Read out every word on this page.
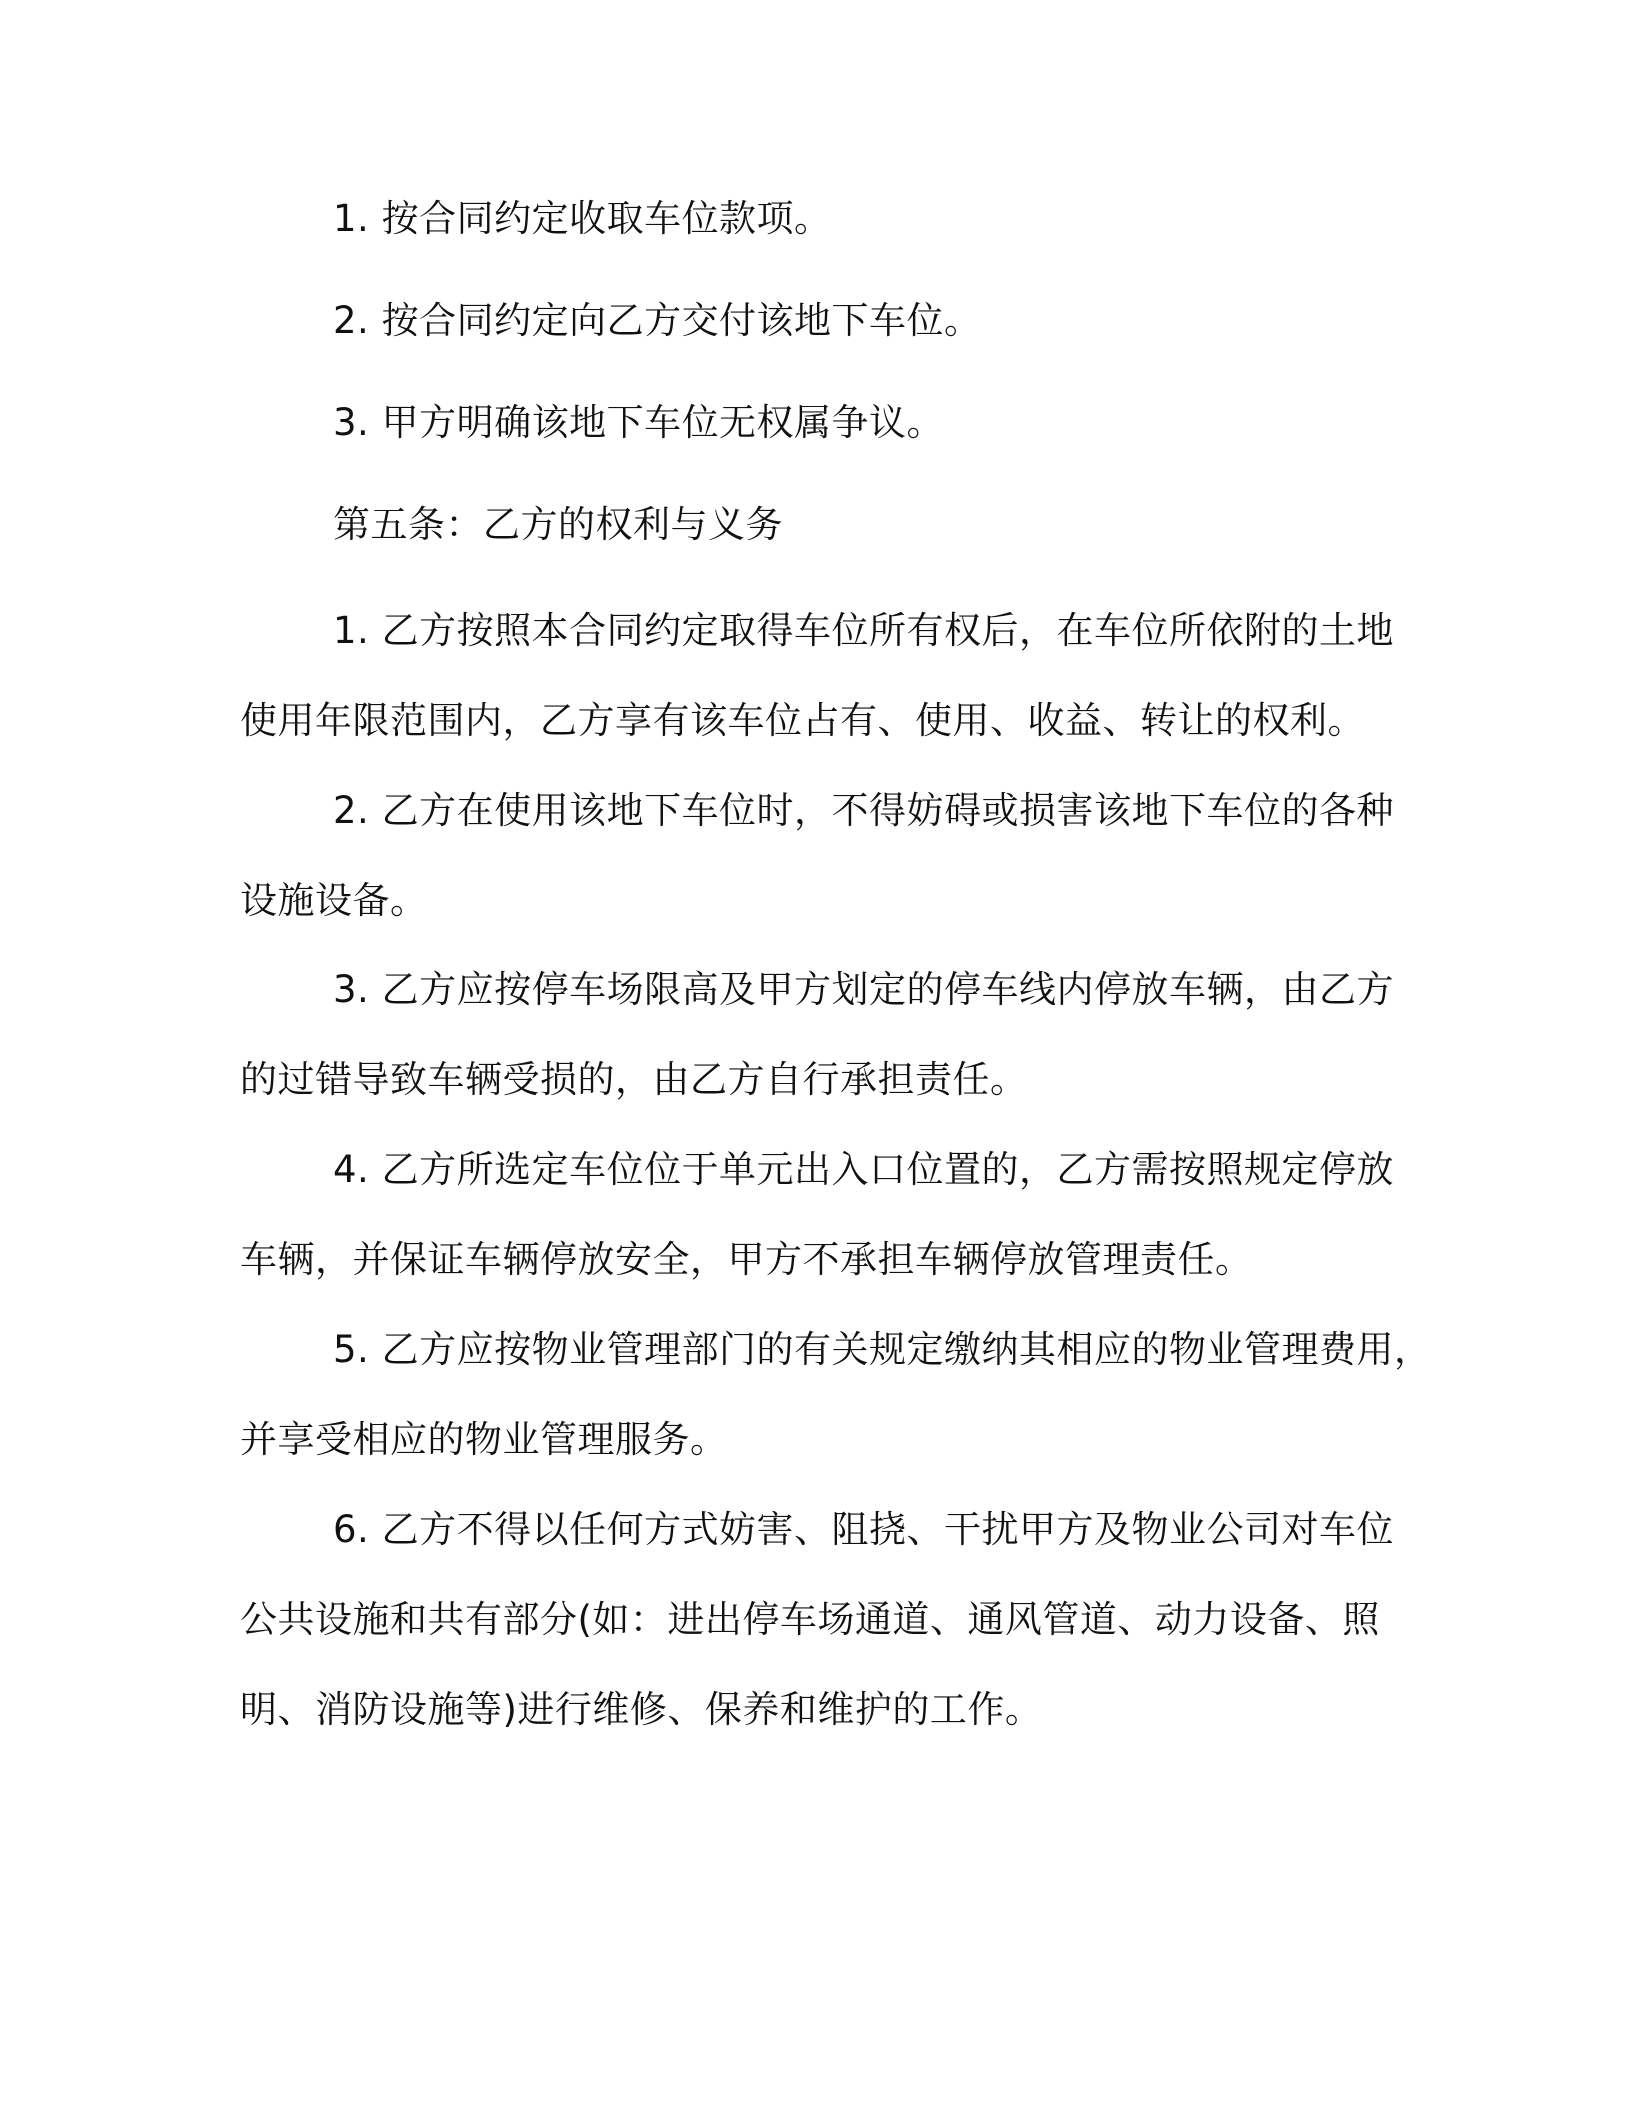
1. 按合同约定收取车位款项。
2. 按合同约定向乙方交付该地下车位。
3. 甲方明确该地下车位无权属争议。
第五条：乙方的权利与义务
1. 乙方按照本合同约定取得车位所有权后，在车位所依附的土地
使用年限范围内，乙方享有该车位占有、使用、收益、转让的权利。
2. 乙方在使用该地下车位时，不得妨碍或损害该地下车位的各种
设施设备。
3. 乙方应按停车场限高及甲方划定的停车线内停放车辆，由乙方
的过错导致车辆受损的，由乙方自行承担责任。
4. 乙方所选定车位位于单元出入口位置的，乙方需按照规定停放
车辆，并保证车辆停放安全，甲方不承担车辆停放管理责任。
5. 乙方应按物业管理部门的有关规定缴纳其相应的物业管理费用，
并享受相应的物业管理服务。
6. 乙方不得以任何方式妨害、阻挠、干扰甲方及物业公司对车位
公共设施和共有部分(如：进出停车场通道、通风管道、动力设备、照
明、消防设施等)进行维修、保养和维护的工作。
